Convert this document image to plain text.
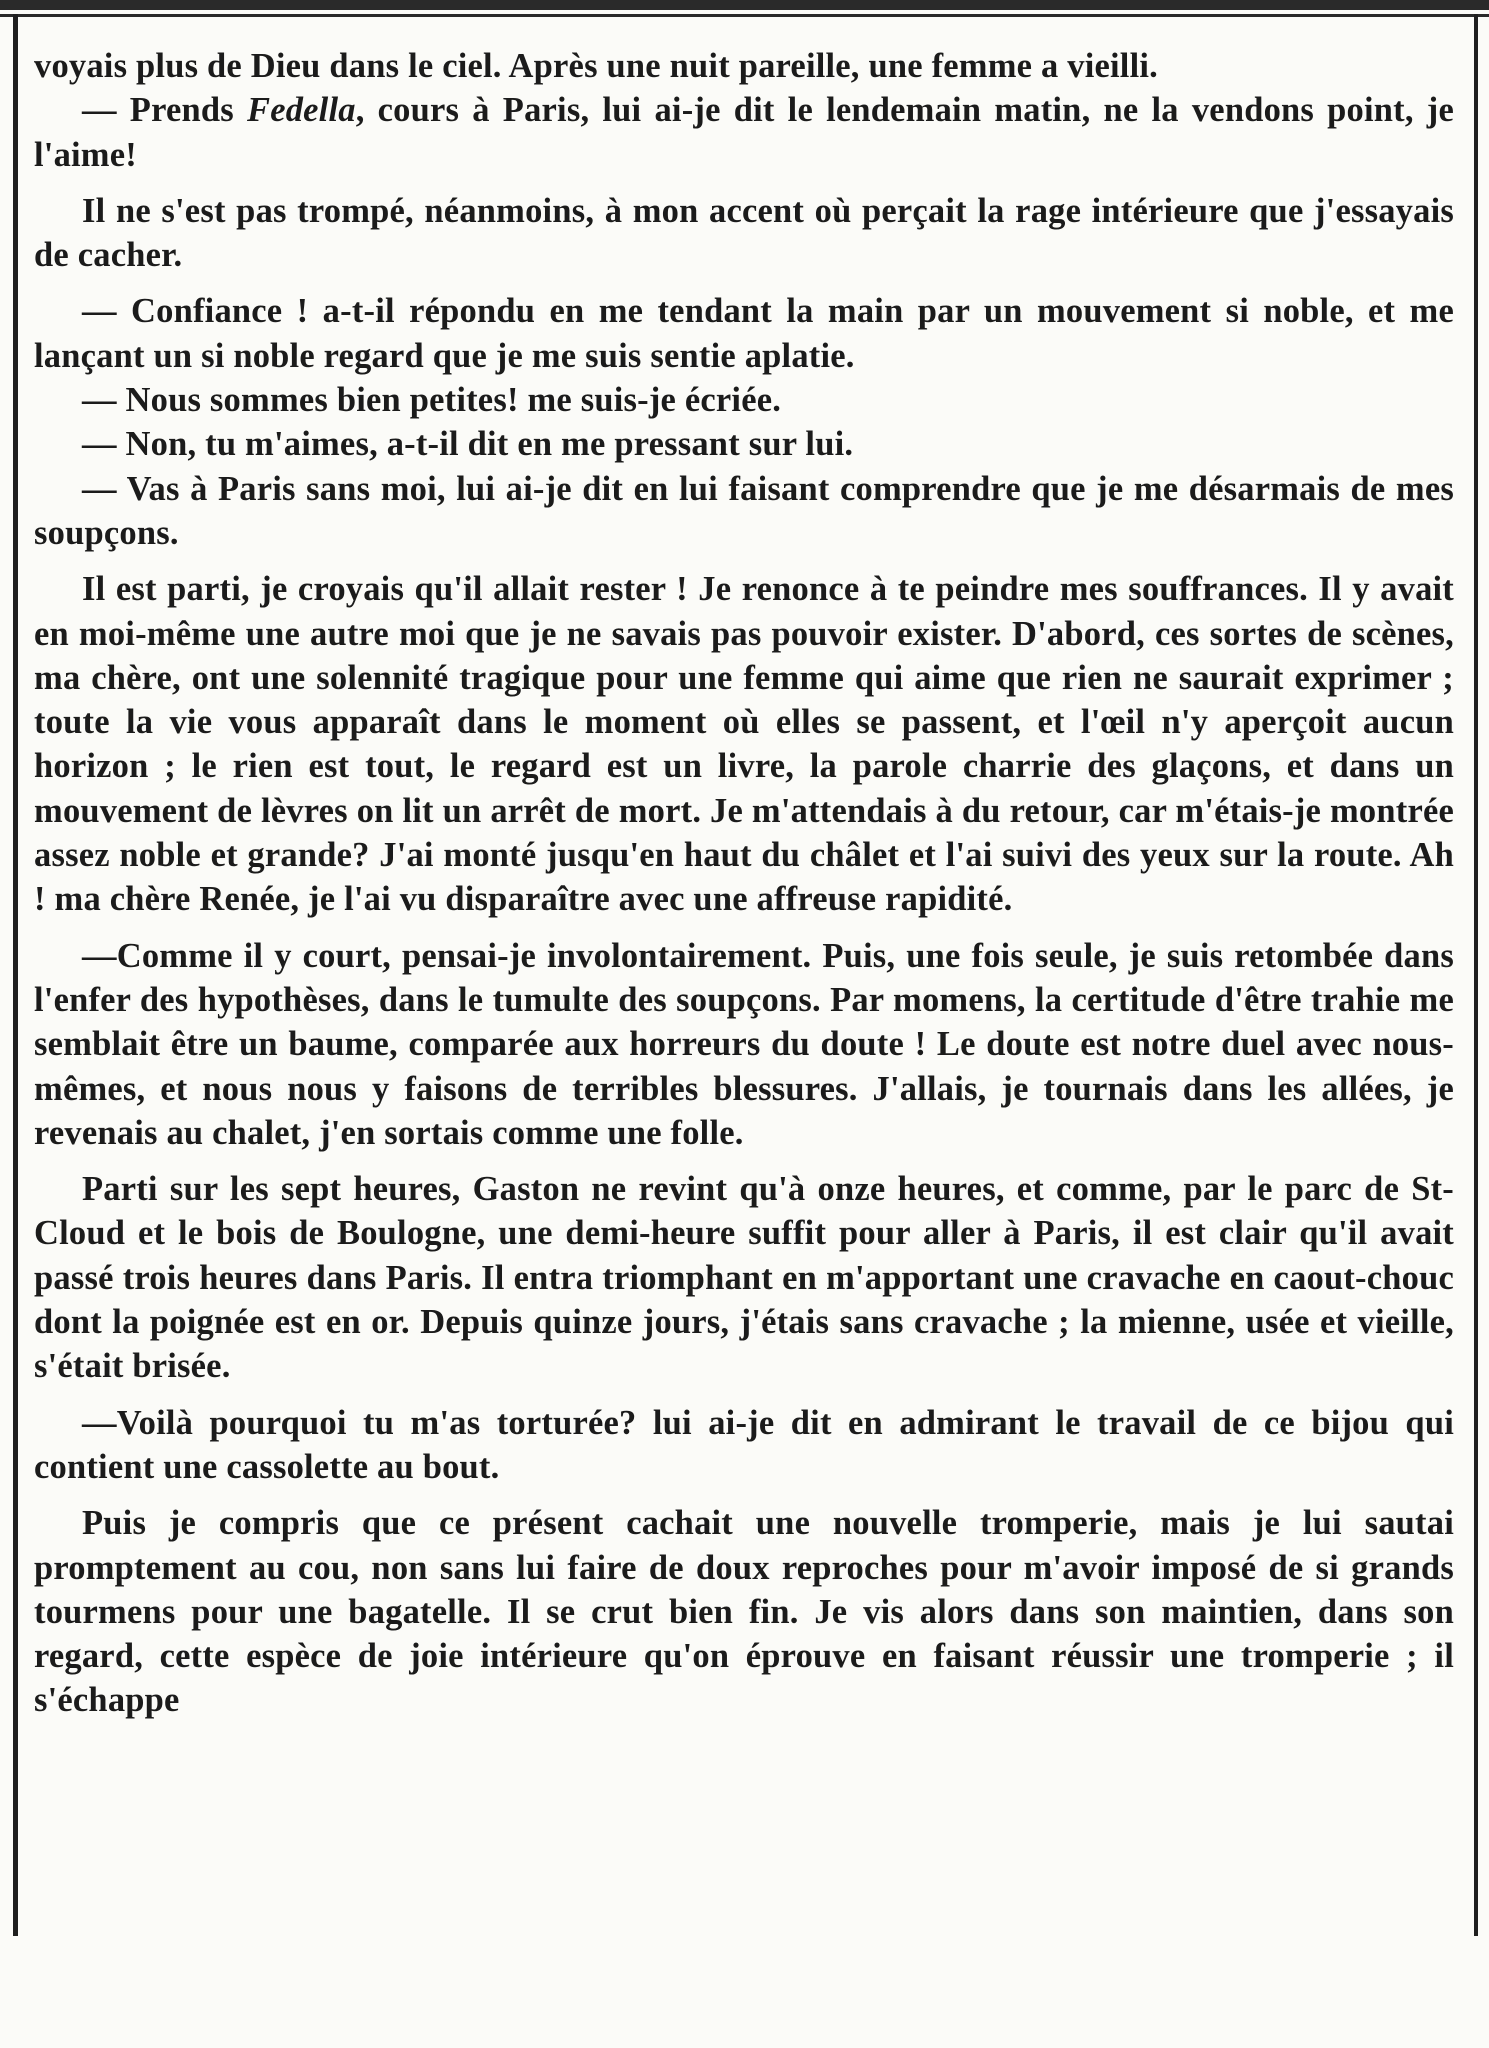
voyais plus de Dieu dans le ciel. Après une nuit pareille, une femme a vieilli.

— Prends Fedella, cours à Paris, lui ai-je dit le lendemain matin, ne la vendons point, je l'aime!

Il ne s'est pas trompé, néanmoins, à mon accent où perçait la rage intérieure que j'essayais de cacher.

— Confiance ! a-t-il répondu en me tendant la main par un mouvement si noble, et me lançant un si noble regard que je me suis sentie aplatie.

— Nous sommes bien petites! me suis-je écriée.

— Non, tu m'aimes, a-t-il dit en me pressant sur lui.

— Vas à Paris sans moi, lui ai-je dit en lui faisant comprendre que je me désarmais de mes soupçons.

Il est parti, je croyais qu'il allait rester ! Je renonce à te peindre mes souffrances. Il y avait en moi-même une autre moi que je ne savais pas pouvoir exister. D'abord, ces sortes de scènes, ma chère, ont une solennité tragique pour une femme qui aime que rien ne saurait exprimer ; toute la vie vous apparaît dans le moment où elles se passent, et l'œil n'y aperçoit aucun horizon ; le rien est tout, le regard est un livre, la parole charrie des glaçons, et dans un mouvement de lèvres on lit un arrêt de mort. Je m'attendais à du retour, car m'étais-je montrée assez noble et grande? J'ai monté jusqu'en haut du châlet et l'ai suivi des yeux sur la route. Ah ! ma chère Renée, je l'ai vu disparaître avec une affreuse rapidité.

—Comme il y court, pensai-je involontairement. Puis, une fois seule, je suis retombée dans l'enfer des hypothèses, dans le tumulte des soupçons. Par momens, la certitude d'être trahie me semblait être un baume, comparée aux horreurs du doute ! Le doute est notre duel avec nous-mêmes, et nous nous y faisons de terribles blessures. J'allais, je tournais dans les allées, je revenais au chalet, j'en sortais comme une folle.

Parti sur les sept heures, Gaston ne revint qu'à onze heures, et comme, par le parc de St-Cloud et le bois de Boulogne, une demi-heure suffit pour aller à Paris, il est clair qu'il avait passé trois heures dans Paris. Il entra triomphant en m'apportant une cravache en caout-chouc dont la poignée est en or. Depuis quinze jours, j'étais sans cravache ; la mienne, usée et vieille, s'était brisée.

—Voilà pourquoi tu m'as torturée? lui ai-je dit en admirant le travail de ce bijou qui contient une cassolette au bout.

Puis je compris que ce présent cachait une nouvelle tromperie, mais je lui sautai promptement au cou, non sans lui faire de doux reproches pour m'avoir imposé de si grands tourmens pour une bagatelle. Il se crut bien fin. Je vis alors dans son maintien, dans son regard, cette espèce de joie intérieure qu'on éprouve en faisant réussir une tromperie ; il s'échappe
